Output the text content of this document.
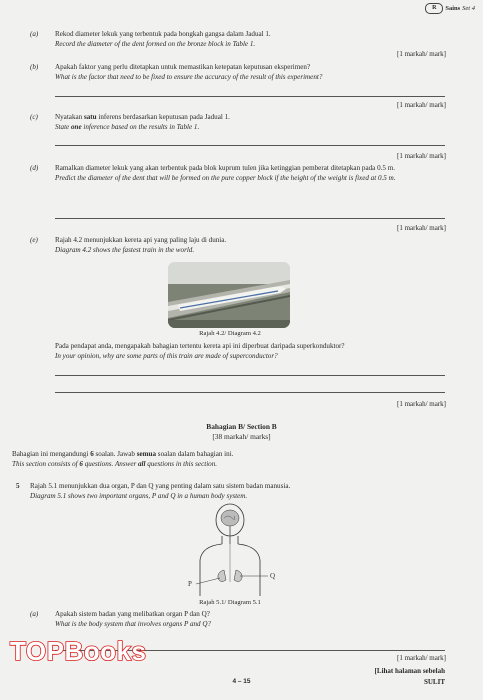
R	Sains Set 4
(a) Rekod diameter lekuk yang terbentuk pada bongkah gangsa dalam Jadual 1.
Record the diameter of the dent formed on the bronze block in Table 1.
[1 markah/ mark]
(b) Apakah faktor yang perlu ditetapkan untuk memastikan ketepatan keputusan eksperimen?
What is the factor that need to be fixed to ensure the accuracy of the result of this experiment?
[1 markah/ mark]
(c) Nyatakan satu inferens berdasarkan keputusan pada Jadual 1.
State one inference based on the results in Table 1.
[1 markah/ mark]
(d) Ramalkan diameter lekuk yang akan terbentuk pada blok kuprum tulen jika ketinggian pemberat ditetapkan pada 0.5 m.
Predict the diameter of the dent that will be formed on the pure copper block if the height of the weight is fixed at 0.5 m.
[1 markah/ mark]
(e) Rajah 4.2 menunjukkan kereta api yang paling laju di dunia.
Diagram 4.2 shows the fastest train in the world.
Rajah 4.2/ Diagram 4.2
Pada pendapat anda, mengapakah bahagian tertentu kereta api ini diperbuat daripada superkonduktor?
In your opinion, why are some parts of this train are made of superconductor?
[1 markah/ mark]
Bahagian B/ Section B
[38 markah/ marks]
Bahagian ini mengandungi 6 soalan. Jawab semua soalan dalam bahagian ini.
This section consists of 6 questions. Answer all questions in this section.
5 Rajah 5.1 menunjukkan dua organ, P dan Q yang penting dalam satu sistem badan manusia.
Diagram 5.1 shows two important organs, P and Q in a human body system.
P
Q
Rajah 5.1/ Diagram 5.1
(a) Apakah sistem badan yang melibatkan organ P dan Q?
What is the body system that involves organs P and Q?
[1 markah/ mark]
TOPBooks
4 – 15
[Lihat halaman sebelah
SULIT
